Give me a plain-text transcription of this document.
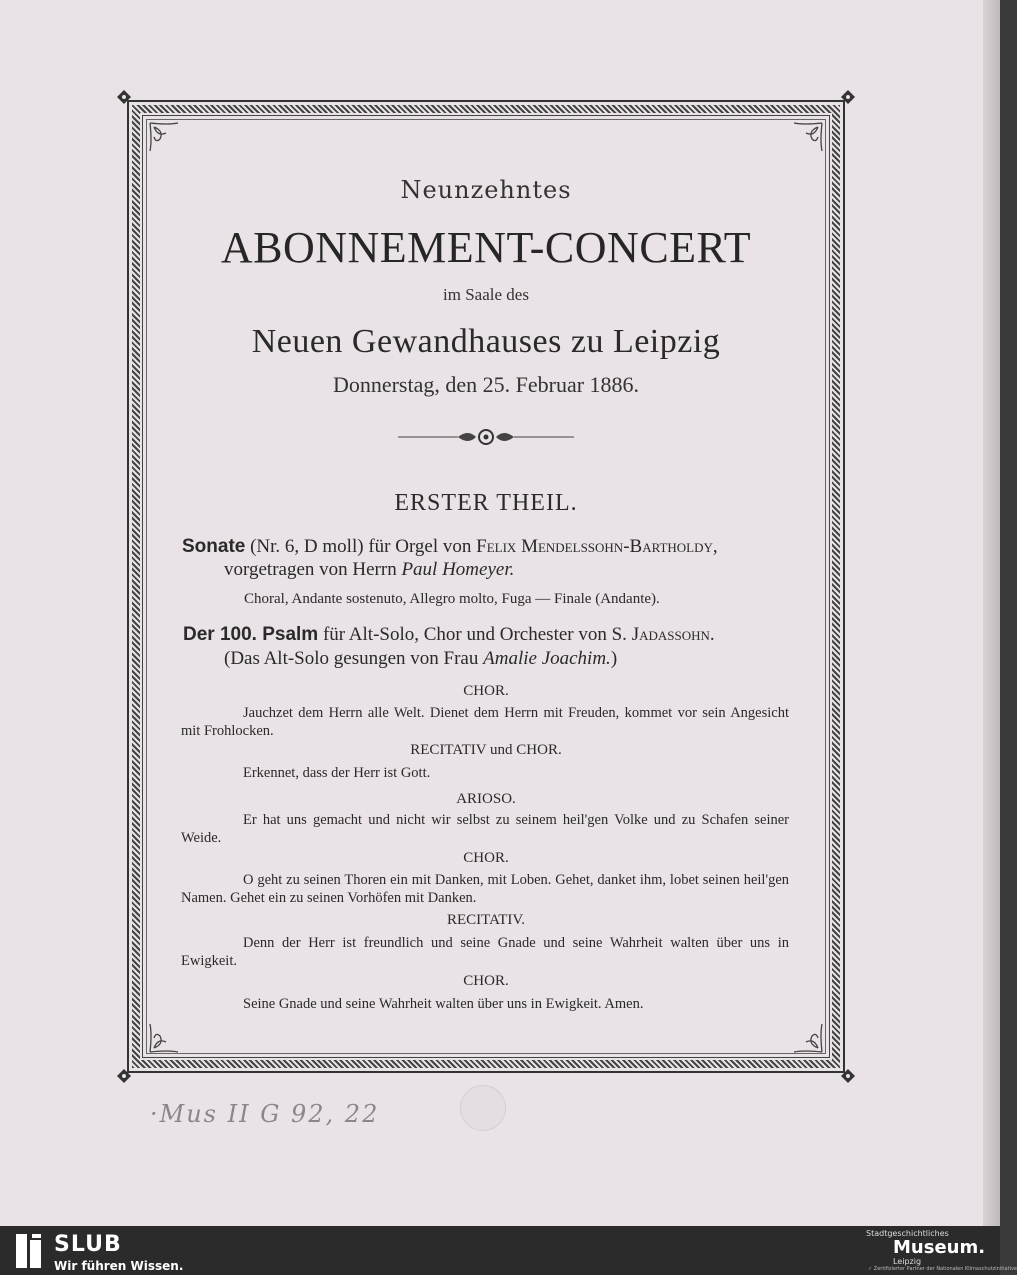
Neunzehntes
ABONNEMENT-CONCERT
im Saale des
Neuen Gewandhauses zu Leipzig
Donnerstag, den 25. Februar 1886.
ERSTER THEIL.
Sonate (Nr. 6, D moll) für Orgel von Felix Mendelssohn-Bartholdy,
vorgetragen von Herrn Paul Homeyer.
Choral, Andante sostenuto, Allegro molto, Fuga — Finale (Andante).
Der 100. Psalm für Alt-Solo, Chor und Orchester von S. Jadassohn.
(Das Alt-Solo gesungen von Frau Amalie Joachim.)
CHOR.
Jauchzet dem Herrn alle Welt. Dienet dem Herrn mit Freuden, kommet vor sein Angesicht mit Frohlocken.
RECITATIV und CHOR.
Erkennet, dass der Herr ist Gott.
ARIOSO.
Er hat uns gemacht und nicht wir selbst zu seinem heil'gen Volke und zu Schafen seiner Weide.
CHOR.
O geht zu seinen Thoren ein mit Danken, mit Loben. Gehet, danket ihm, lobet seinen heil'gen Namen. Gehet ein zu seinen Vorhöfen mit Danken.
RECITATIV.
Denn der Herr ist freundlich und seine Gnade und seine Wahrheit walten über uns in Ewigkeit.
CHOR.
Seine Gnade und seine Wahrheit walten über uns in Ewigkeit. Amen.
·Mus II G 92, 22
SLUB
Wir führen Wissen.
Stadtgeschichtliches
Museum.
Leipzig
✓ Zertifizierter Partner der Nationalen Klimaschutzinitiative
